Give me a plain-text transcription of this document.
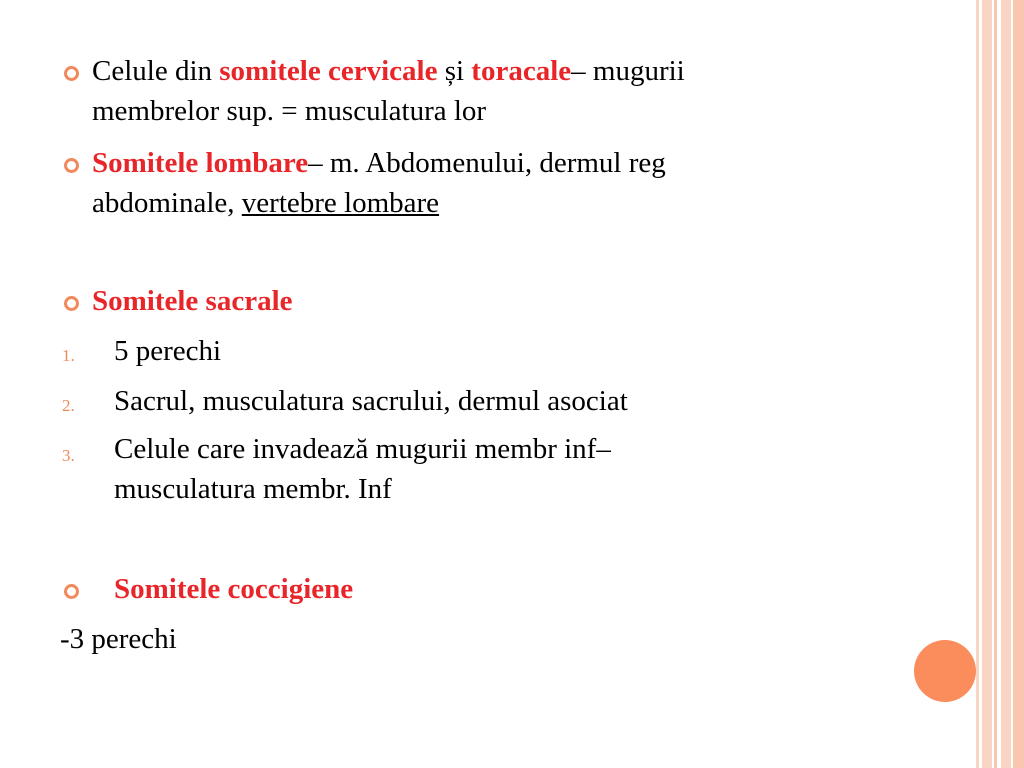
Celule din somitele cervicale și toracale– mugurii
membrelor sup. = musculatura lor
Somitele lombare– m. Abdomenului, dermul reg
abdominale, vertebre lombare
Somitele sacrale
1. 5 perechi
2. Sacrul, musculatura sacrului, dermul asociat
3. Celule care invadează mugurii membr inf–
musculatura membr. Inf
Somitele coccigiene
-3 perechi
